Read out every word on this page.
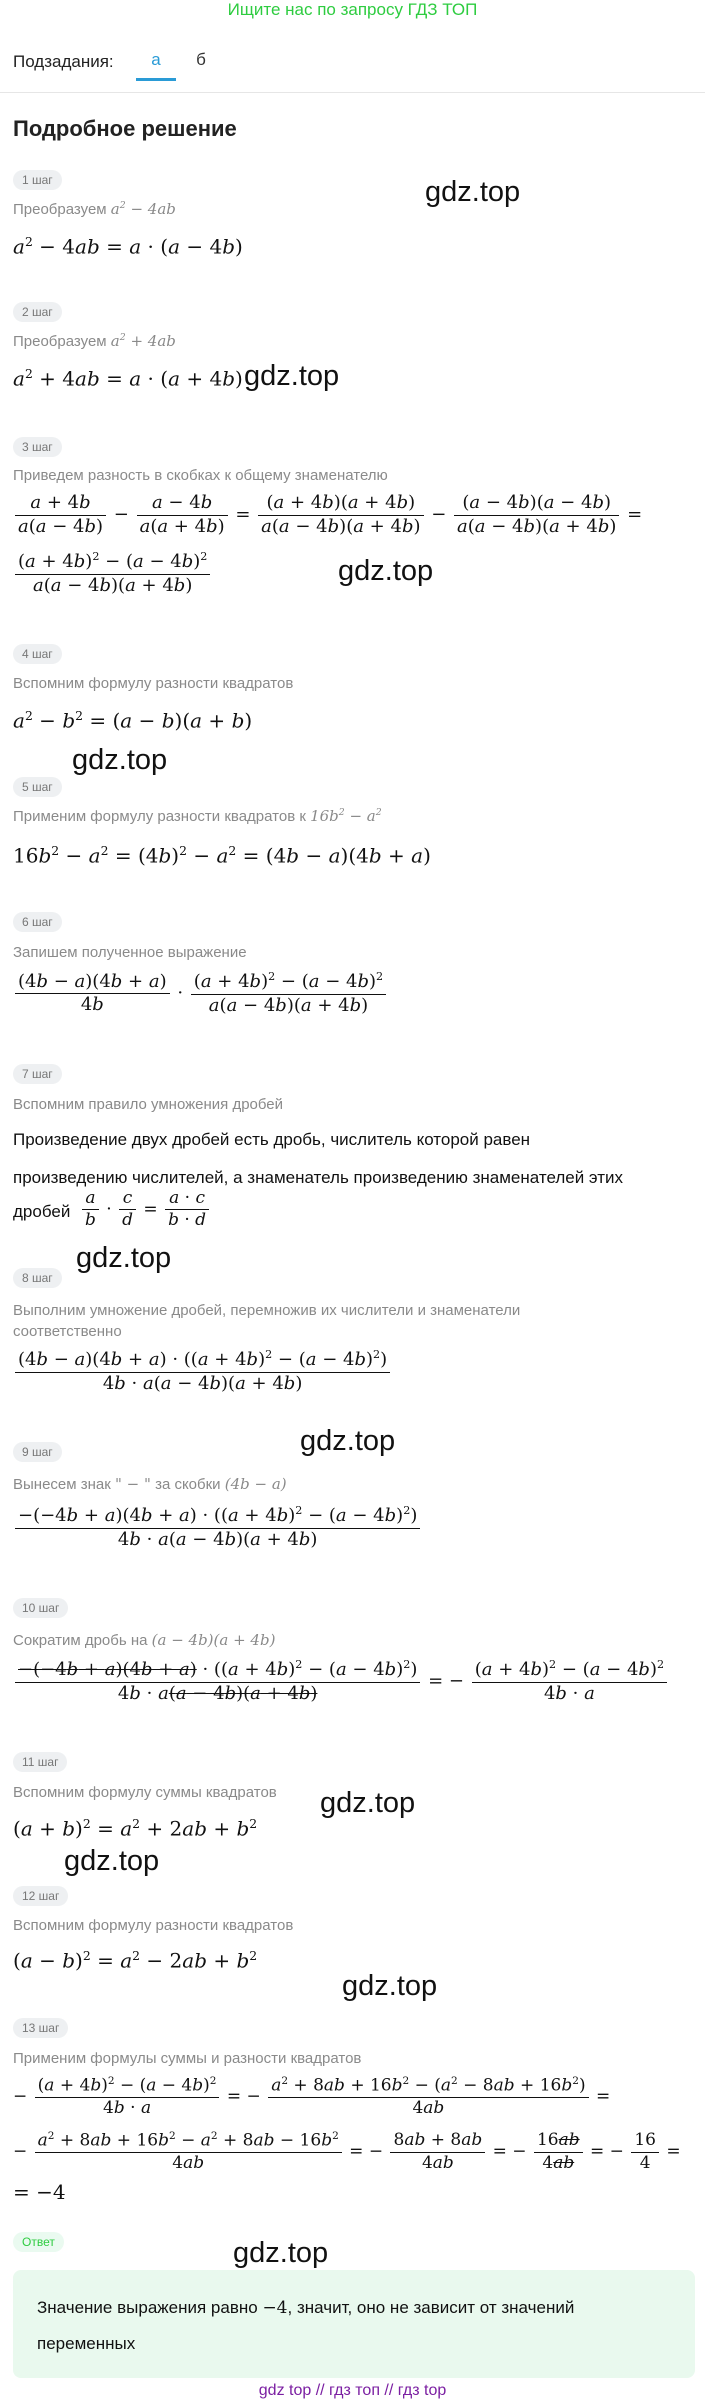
Ищите нас по запросу ГДЗ ТОП
Подзадания:	а	б
Подробное решение
1 шаг
Преобразуем $a^2 - 4ab$
$a^2 - 4ab = a \cdot (a - 4b)$
2 шаг
Преобразуем $a^2 + 4ab$
$a^2 + 4ab = a \cdot (a + 4b)$
3 шаг
Приведем разность в скобках к общему знаменателю
$\frac{a + 4b}{a(a - 4b)} - \frac{a - 4b}{a(a + 4b)} = \frac{(a + 4b)(a + 4b)}{a(a - 4b)(a + 4b)} - \frac{(a - 4b)(a - 4b)}{a(a - 4b)(a + 4b)}$ =
$\frac{(a + 4b)^2 - (a - 4b)^2}{a(a - 4b)(a + 4b)}$
4 шаг
Вспомним формулу разности квадратов
$a^2 - b^2 = (a - b)(a + b)$
5 шаг
Применим формулу разности квадратов к $16b^2 - a^2$
$16b^2 - a^2 = (4b)^2 - a^2 = (4b - a)(4b + a)$
6 шаг
Запишем полученное выражение
$\frac{(4b - a)(4b + a)}{4b} \cdot \frac{(a + 4b)^2 - (a - 4b)^2}{a(a - 4b)(a + 4b)}$
7 шаг
Вспомним правило умножения дробей
Произведение двух дробей есть дробь, числитель которой равен
произведению числителей, а знаменатель произведению знаменателей этих
дробей $\frac{a}{b} \cdot \frac{c}{d} = \frac{a \cdot c}{b \cdot d}$
8 шаг
Выполним умножение дробей, перемножив их числители и знаменатели
соответственно
$\frac{(4b - a)(4b + a) \cdot ((a + 4b)^2 - (a - 4b)^2)}{4b \cdot a(a - 4b)(a + 4b)}$
9 шаг
Вынесем знак " − " за скобки (4b − a)
$\frac{-(-4b + a)(4b + a) \cdot ((a + 4b)^2 - (a - 4b)^2)}{4b \cdot a(a - 4b)(a + 4b)}$
10 шаг
Сократим дробь на (a − 4b)(a + 4b)
$\frac{-(-4b + a)(4b + a) \cdot ((a + 4b)^2 - (a - 4b)^2)}{4b \cdot a(a - 4b)(a + 4b)}$ = − $\frac{(a + 4b)^2 - (a - 4b)^2}{4b \cdot a}$
11 шаг
Вспомним формулу суммы квадратов
$(a + b)^2 = a^2 + 2ab + b^2$
12 шаг
Вспомним формулу разности квадратов
$(a - b)^2 = a^2 - 2ab + b^2$
13 шаг
Применим формулы суммы и разности квадратов
− $\frac{(a + 4b)^2 - (a - 4b)^2}{4b \cdot a}$ = − $\frac{a^2 + 8ab + 16b^2 - (a^2 - 8ab + 16b^2)}{4ab}$ =
− $\frac{a^2 + 8ab + 16b^2 - a^2 + 8ab - 16b^2}{4ab}$ = − $\frac{8ab + 8ab}{4ab}$ = − $\frac{16ab}{4ab}$ = − $\frac{16}{4}$ =
= −4
Ответ
Значение выражения равно −4, значит, оно не зависит от значений
переменных
gdz.top
gdz.top
gdz.top
gdz.top
gdz.top
gdz.top
gdz.top
gdz.top
gdz.top
gdz.top
gdz top // гдз топ // гдз top
